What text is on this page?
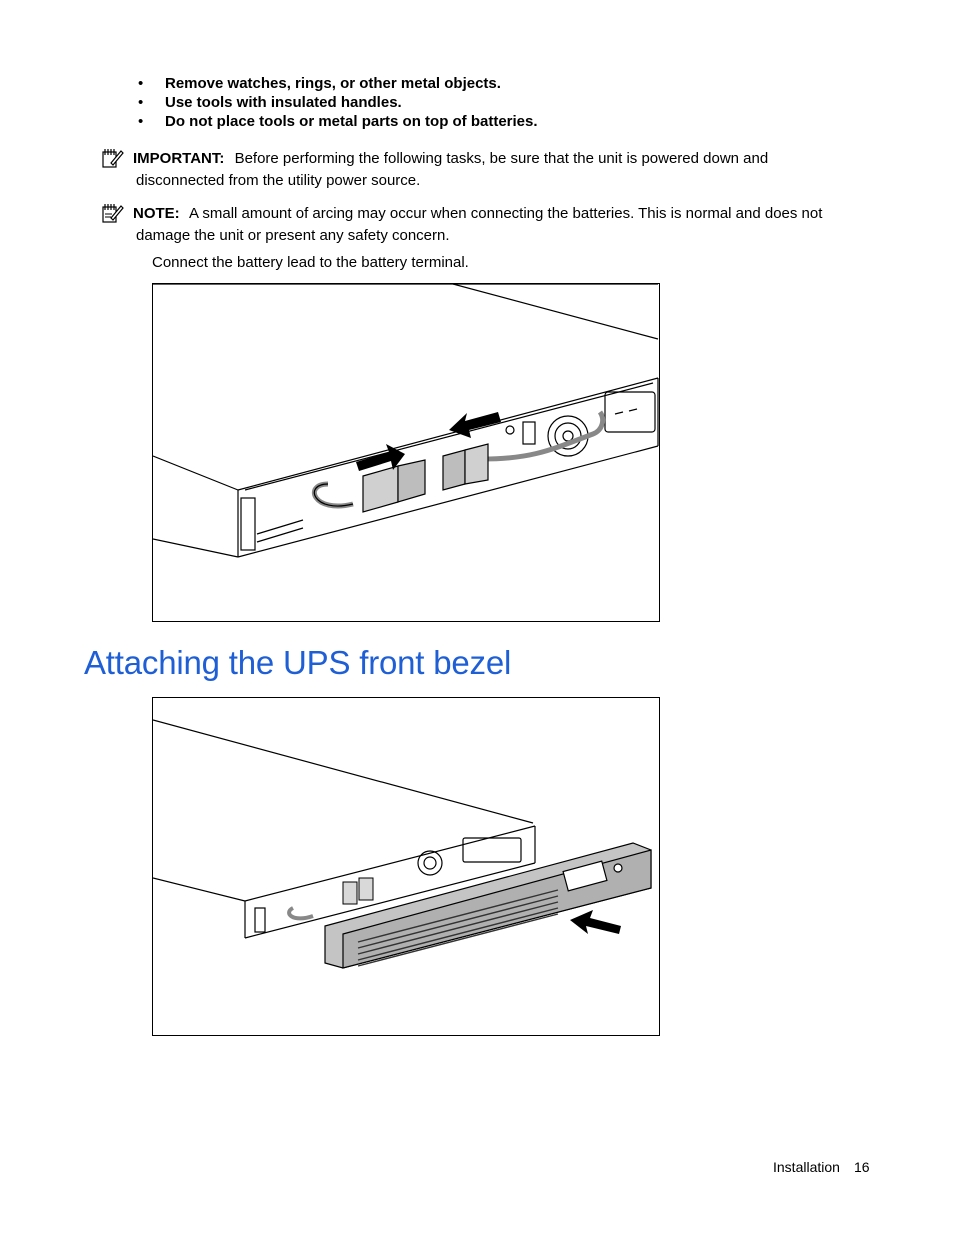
• Remove watches, rings, or other metal objects.
• Use tools with insulated handles.
• Do not place tools or metal parts on top of batteries.
IMPORTANT: Before performing the following tasks, be sure that the unit is powered down and
disconnected from the utility power source.
NOTE: A small amount of arcing may occur when connecting the batteries. This is normal and does not
damage the unit or present any safety concern.
Connect the battery lead to the battery terminal.
Attaching the UPS front bezel
Installation 16
